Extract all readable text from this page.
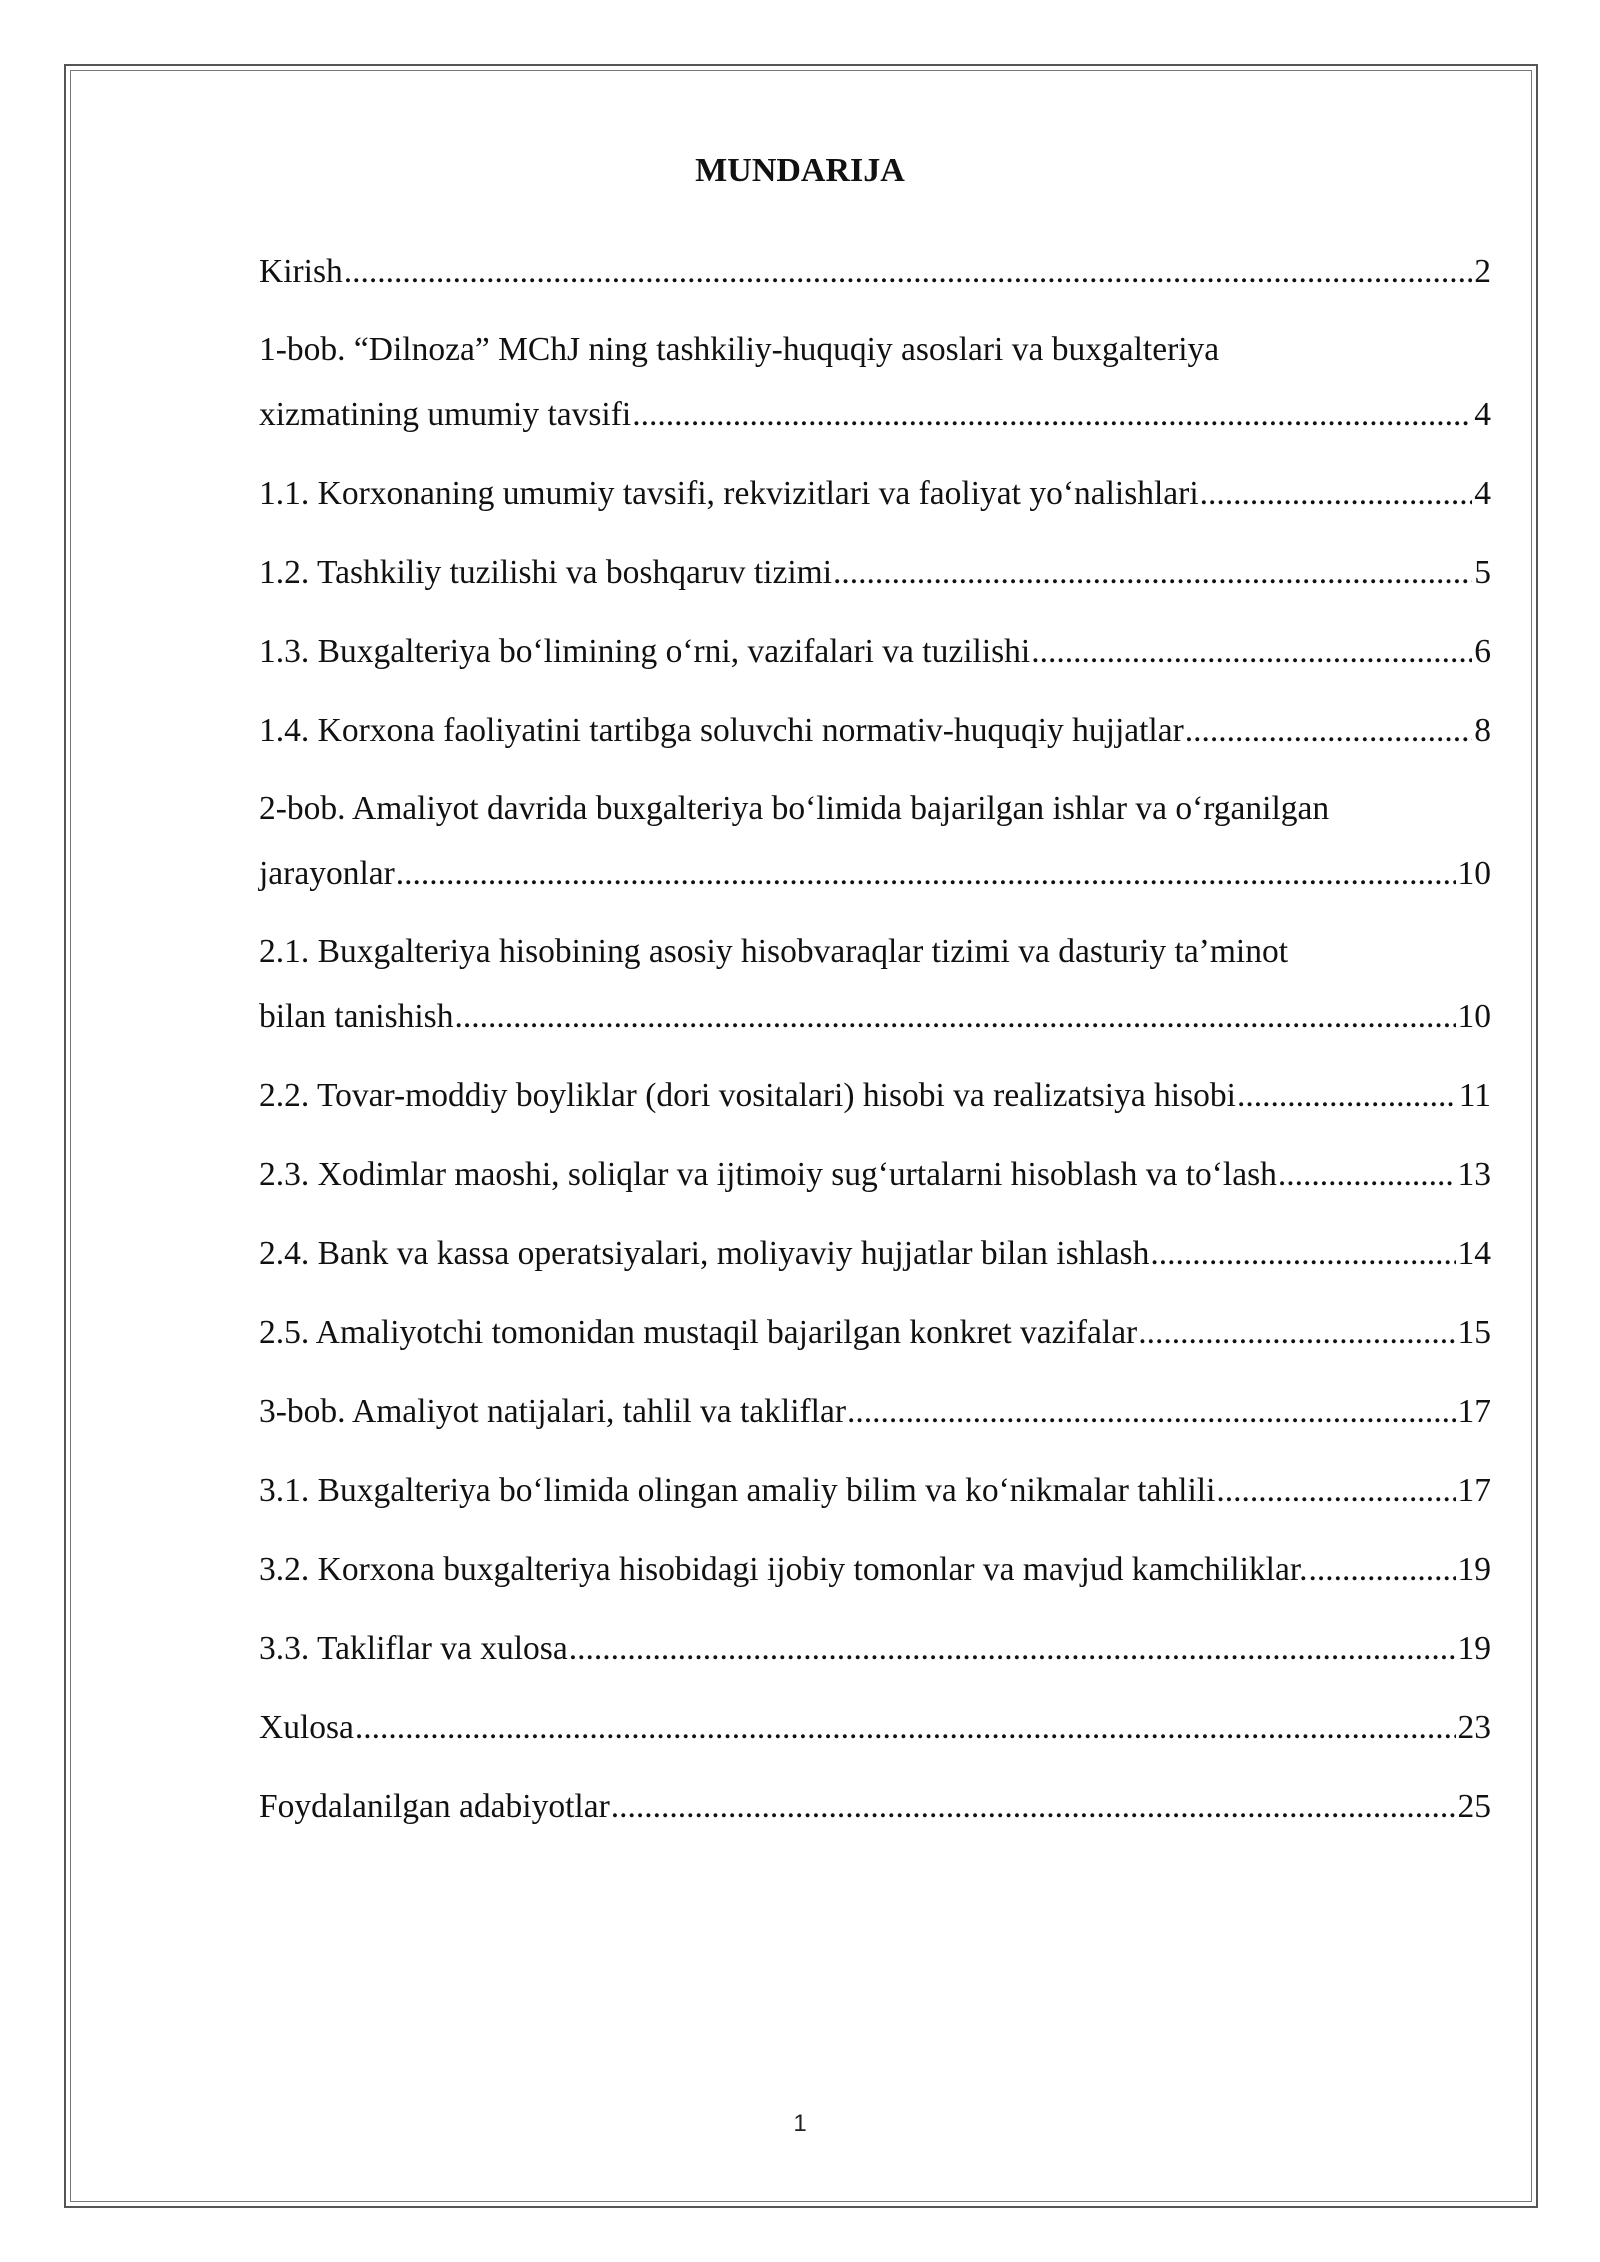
MUNDARIJA
Kirish .....	2
1-bob. “Dilnoza” MChJ ning tashkiliy-huquqiy asoslari va buxgalteriya
xizmatining umumiy tavsifi .....	4
1.1. Korxonaning umumiy tavsifi, rekvizitlari va faoliyat yo‘nalishlari .....	4
1.2. Tashkiliy tuzilishi va boshqaruv tizimi .....	5
1.3. Buxgalteriya bo‘limining o‘rni, vazifalari va tuzilishi .....	6
1.4. Korxona faoliyatini tartibga soluvchi normativ-huquqiy hujjatlar .....	8
2-bob. Amaliyot davrida buxgalteriya bo‘limida bajarilgan ishlar va o‘rganilgan
jarayonlar .....	10
2.1. Buxgalteriya hisobining asosiy hisobvaraqlar tizimi va dasturiy ta’minot
bilan tanishish .....	10
2.2. Tovar-moddiy boyliklar (dori vositalari) hisobi va realizatsiya hisobi .....	11
2.3. Xodimlar maoshi, soliqlar va ijtimoiy sug‘urtalarni hisoblash va to‘lash .....	13
2.4. Bank va kassa operatsiyalari, moliyaviy hujjatlar bilan ishlash .....	14
2.5. Amaliyotchi tomonidan mustaqil bajarilgan konkret vazifalar .....	15
3-bob. Amaliyot natijalari, tahlil va takliflar .....	17
3.1. Buxgalteriya bo‘limida olingan amaliy bilim va ko‘nikmalar tahlili .....	17
3.2. Korxona buxgalteriya hisobidagi ijobiy tomonlar va mavjud kamchiliklar. .....	19
3.3. Takliflar va xulosa .....	19
Xulosa .....	23
Foydalanilgan adabiyotlar .....	25
1
